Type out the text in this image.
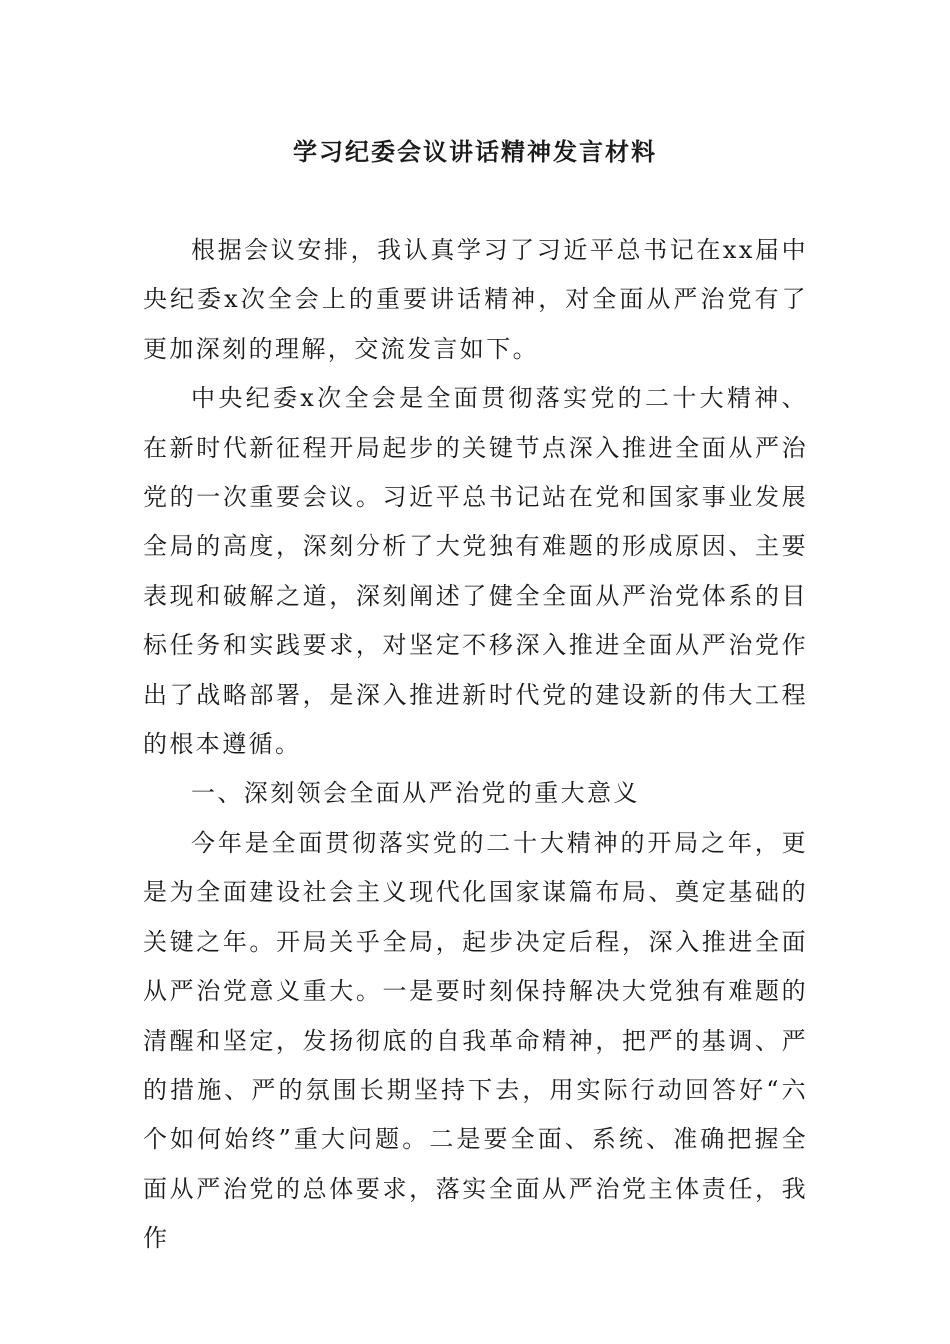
学习纪委会议讲话精神发言材料

根据会议安排，我认真学习了习近平总书记在xx届中央纪委x次全会上的重要讲话精神，对全面从严治党有了更加深刻的理解，交流发言如下。

中央纪委x次全会是全面贯彻落实党的二十大精神、在新时代新征程开局起步的关键节点深入推进全面从严治党的一次重要会议。习近平总书记站在党和国家事业发展全局的高度，深刻分析了大党独有难题的形成原因、主要表现和破解之道，深刻阐述了健全全面从严治党体系的目标任务和实践要求，对坚定不移深入推进全面从严治党作出了战略部署，是深入推进新时代党的建设新的伟大工程的根本遵循。

一、深刻领会全面从严治党的重大意义

今年是全面贯彻落实党的二十大精神的开局之年，更是为全面建设社会主义现代化国家谋篇布局、奠定基础的关键之年。开局关乎全局，起步决定后程，深入推进全面从严治党意义重大。一是要时刻保持解决大党独有难题的清醒和坚定，发扬彻底的自我革命精神，把严的基调、严的措施、严的氛围长期坚持下去，用实际行动回答好“六个如何始终”重大问题。二是要全面、系统、准确把握全面从严治党的总体要求，落实全面从严治党主体责任，我作
